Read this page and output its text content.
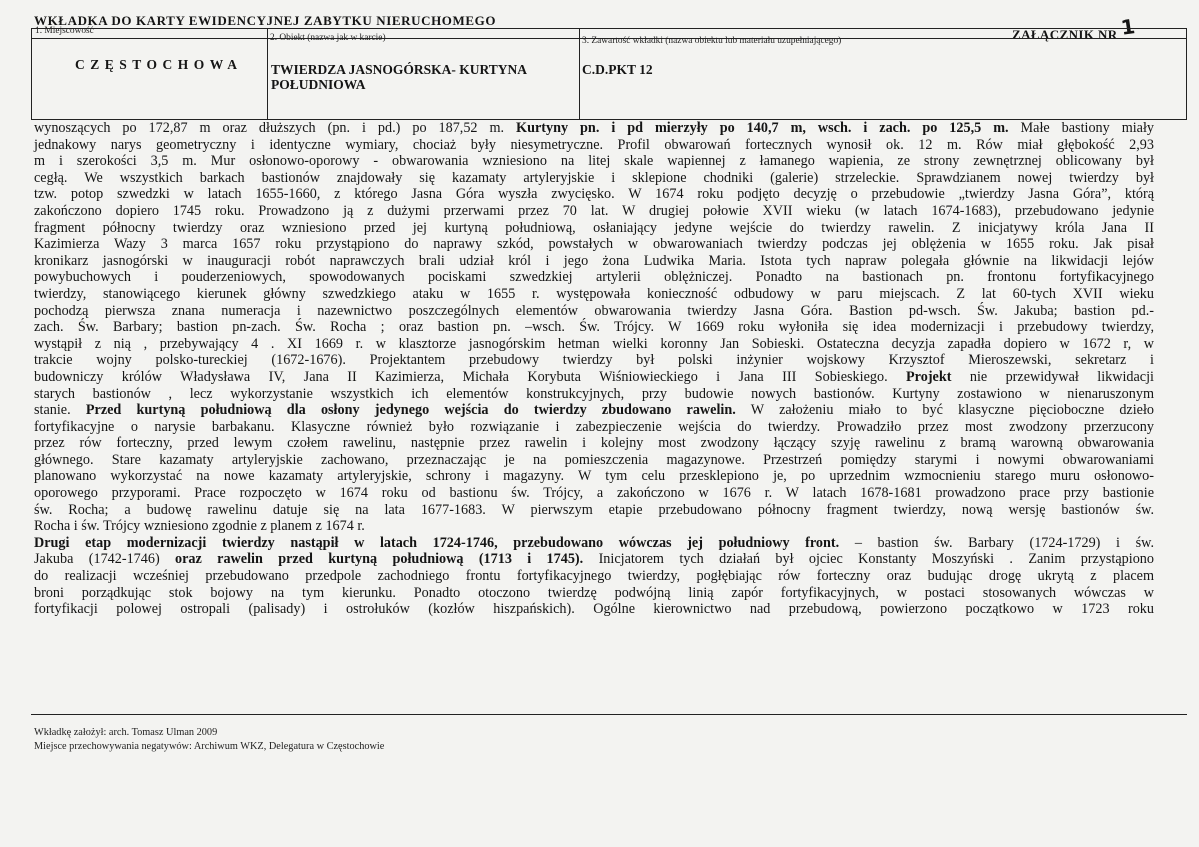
WKŁADKA DO KARTY EWIDENCYJNEJ ZABYTKU NIERUCHOMEGO
ZAŁĄCZNIK NR1
1. Miejscowość
2. Obiekt (nazwa jak w karcie)	3. Zawartość wkładki (nazwa obiektu lub materiału uzupełniającego)
CZĘSTOCHOWA TWIERDZA JASNOGÓRSKA- KURTYNA
POŁUDNIOWA
C.D.PKT 12
wynoszących po 172,87 m oraz dłuższych (pn. i pd.) po 187,52 m. Kurtyny pn. i pd mierzyły po 140,7 m, wsch. i zach. po 125,5 m. Małe bastiony miały
jednakowy narys geometryczny i identyczne wymiary, chociaż były niesymetryczne. Profil obwarowań fortecznych wynosił ok. 12 m. Rów miał głębokość 2,93
m i szerokości 3,5 m. Mur osłonowo-oporowy - obwarowania wzniesiono na litej skale wapiennej z łamanego wapienia, ze strony zewnętrznej oblicowany był
cegłą. We wszystkich barkach bastionów znajdowały się kazamaty artyleryjskie i sklepione chodniki (galerie) strzeleckie. Sprawdzianem nowej twierdzy był
tzw. potop szwedzki w latach 1655-1660, z którego Jasna Góra wyszła zwycięsko. W 1674 roku podjęto decyzję o przebudowie „twierdzy Jasna Góra”, którą
zakończono dopiero 1745 roku. Prowadzono ją z dużymi przerwami przez 70 lat. W drugiej połowie XVII wieku (w latach 1674-1683), przebudowano jedynie
fragment północny twierdzy oraz wzniesiono przed jej kurtyną południową, osłaniający jedyne wejście do twierdzy rawelin. Z inicjatywy króla Jana II
Kazimierza Wazy 3 marca 1657 roku przystąpiono do naprawy szkód, powstałych w obwarowaniach twierdzy podczas jej oblężenia w 1655 roku. Jak pisał
kronikarz jasnogórski w inauguracji robót naprawczych brali udział król i jego żona Ludwika Maria. Istota tych napraw polegała głównie na likwidacji lejów
powybuchowych i pouderzeniowych, spowodowanych pociskami szwedzkiej artylerii oblężniczej. Ponadto na bastionach pn. frontonu fortyfikacyjnego
twierdzy, stanowiącego kierunek główny szwedzkiego ataku w 1655 r. występowała konieczność odbudowy w paru miejscach. Z lat 60-tych XVII wieku
pochodzą pierwsza znana numeracja i nazewnictwo poszczególnych elementów obwarowania twierdzy Jasna Góra. Bastion pd-wsch. Św. Jakuba; bastion pd.-
zach. Św. Barbary; bastion pn-zach. Św. Rocha ; oraz bastion pn. –wsch. Św. Trójcy. W 1669 roku wyłoniła się idea modernizacji i przebudowy twierdzy,
wystąpił z nią , przebywający 4 . XI 1669 r. w klasztorze jasnogórskim hetman wielki koronny Jan Sobieski. Ostateczna decyzja zapadła dopiero w 1672 r, w
trakcie wojny polsko-tureckiej (1672-1676). Projektantem przebudowy twierdzy był polski inżynier wojskowy Krzysztof Mieroszewski, sekretarz i
budowniczy królów Władysława IV, Jana II Kazimierza, Michała Korybuta Wiśniowieckiego i Jana III Sobieskiego. Projekt nie przewidywał likwidacji
starych bastionów , lecz wykorzystanie wszystkich ich elementów konstrukcyjnych, przy budowie nowych bastionów. Kurtyny zostawiono w nienaruszonym
stanie. Przed kurtyną południową dla osłony jedynego wejścia do twierdzy zbudowano rawelin. W założeniu miało to być klasyczne pięcioboczne dzieło
fortyfikacyjne o narysie barbakanu. Klasyczne również było rozwiązanie i zabezpieczenie wejścia do twierdzy. Prowadziło przez most zwodzony przerzucony
przez rów forteczny, przed lewym czołem rawelinu, następnie przez rawelin i kolejny most zwodzony łączący szyję rawelinu z bramą warowną obwarowania
głównego. Stare kazamaty artyleryjskie zachowano, przeznaczając je na pomieszczenia magazynowe. Przestrzeń pomiędzy starymi i nowymi obwarowaniami
planowano wykorzystać na nowe kazamaty artyleryjskie, schrony i magazyny. W tym celu przesklepiono je, po uprzednim wzmocnieniu starego muru osłonowo-
oporowego przyporami. Prace rozpoczęto w 1674 roku od bastionu św. Trójcy, a zakończono w 1676 r. W latach 1678-1681 prowadzono prace przy bastionie
św. Rocha; a budowę rawelinu datuje się na lata 1677-1683. W pierwszym etapie przebudowano północny fragment twierdzy, nową wersję bastionów św.
Rocha i św. Trójcy wzniesiono zgodnie z planem z 1674 r.
Drugi etap modernizacji twierdzy nastąpił w latach 1724-1746, przebudowano wówczas jej południowy front. – bastion św. Barbary (1724-1729) i św.
Jakuba (1742-1746) oraz rawelin przed kurtyną południową (1713 i 1745). Inicjatorem tych działań był ojciec Konstanty Moszyński . Zanim przystąpiono
do realizacji wcześniej przebudowano przedpole zachodniego frontu fortyfikacyjnego twierdzy, pogłębiając rów forteczny oraz budując drogę ukrytą z placem
broni porządkując stok bojowy na tym kierunku. Ponadto otoczono twierdzę podwójną linią zapór fortyfikacyjnych, w postaci stosowanych wówczas w
fortyfikacji polowej ostropali (palisady) i ostrołuków (kozłów hiszpańskich). Ogólne kierownictwo nad przebudową, powierzono początkowo w 1723 roku
Wkładkę założył: arch. Tomasz Ulman 2009
Miejsce przechowywania negatywów: Archiwum WKZ, Delegatura w Częstochowie
